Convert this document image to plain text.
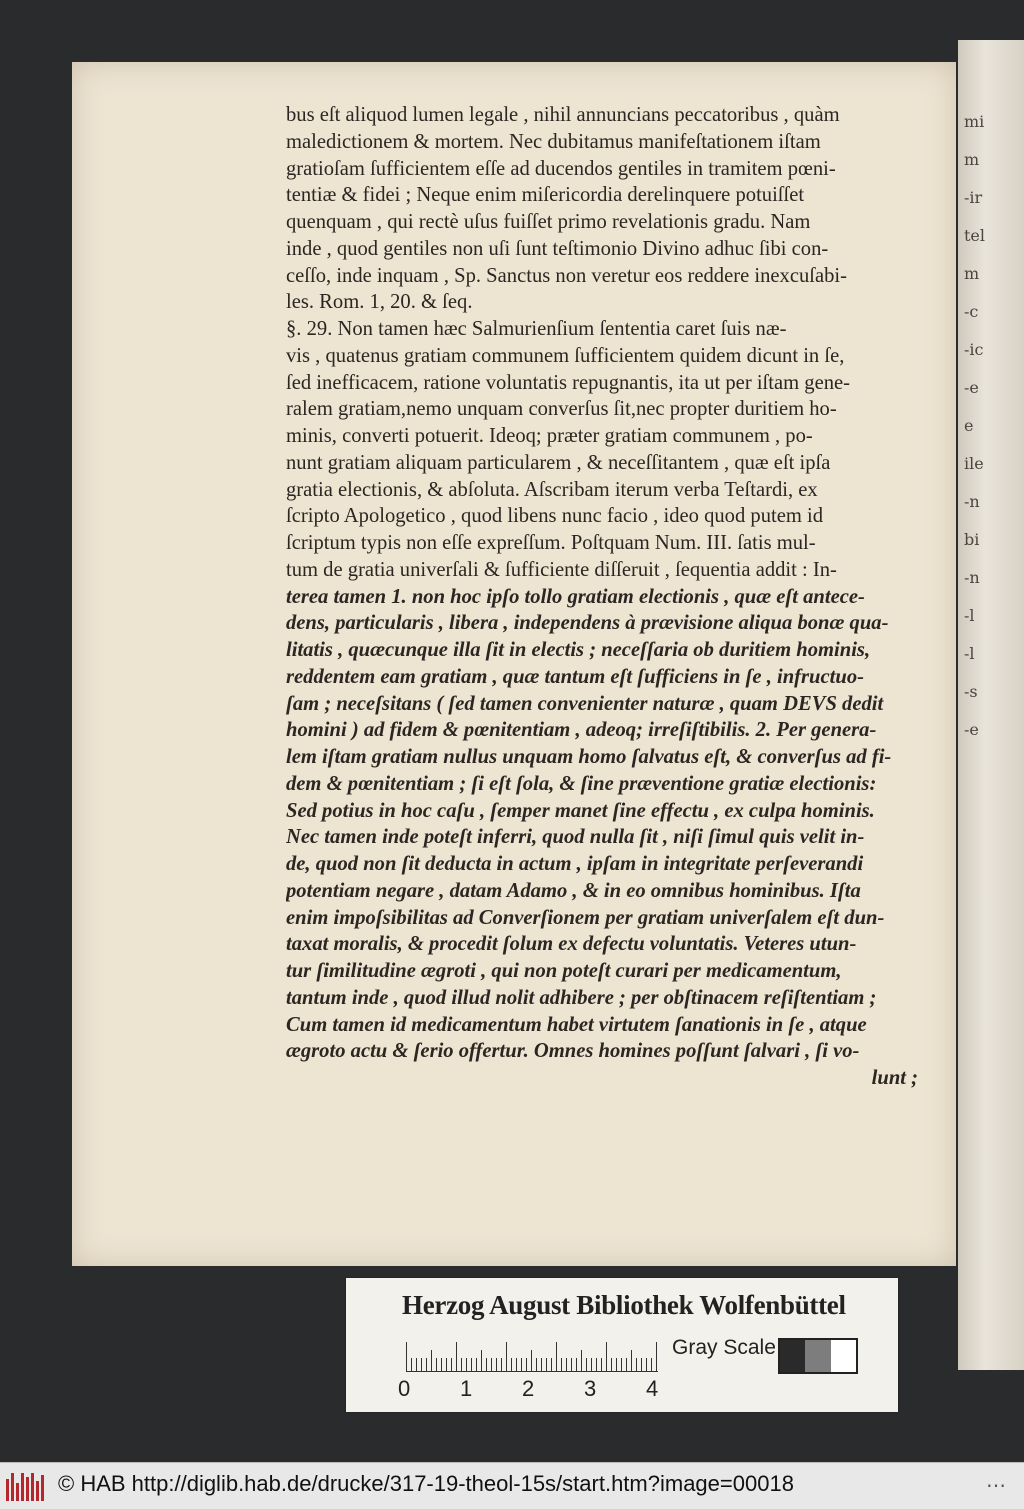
mi
m
-ir
tel
m
-c
-ic
-e
e
ile
-n
bi
-n
-l
-l
-s
-e
bus eſt aliquod lumen legale , nihil annuncians peccatoribus , quàm
maledictionem & mortem. Nec dubitamus manifeſtationem iſtam
gratioſam ſufficientem eſſe ad ducendos gentiles in tramitem pœni-
tentiæ & fidei ; Neque enim miſericordia derelinquere potuiſſet
quenquam , qui rectè uſus fuiſſet primo revelationis gradu. Nam
inde , quod gentiles non uſi ſunt teſtimonio Divino adhuc ſibi con-
ceſſo, inde inquam , Sp. Sanctus non veretur eos reddere inexcuſabi-
les. Rom. 1, 20. & ſeq.
§. 29. Non tamen hæc Salmurienſium ſententia caret ſuis næ-
vis , quatenus gratiam communem ſufficientem quidem dicunt in ſe,
ſed inefficacem, ratione voluntatis repugnantis, ita ut per iſtam gene-
ralem gratiam,nemo unquam converſus ſit,nec propter duritiem ho-
minis, converti potuerit. Ideoq; præter gratiam communem , po-
nunt gratiam aliquam particularem , & neceſſitantem , quæ eſt ipſa
gratia electionis, & abſoluta. Aſscribam iterum verba Teſtardi, ex
ſcripto Apologetico , quod libens nunc facio , ideo quod putem id
ſcriptum typis non eſſe expreſſum. Poſtquam Num. III. ſatis mul-
tum de gratia univerſali & ſufficiente diſſeruit , ſequentia addit : In-
terea tamen 1. non hoc ipſo tollo gratiam electionis , quæ eſt antece-
dens, particularis , libera , independens à prævisione aliqua bonæ qua-
litatis , quæcunque illa ſit in electis ; neceſſaria ob duritiem hominis,
reddentem eam gratiam , quæ tantum eſt ſufficiens in ſe , infructuo-
ſam ; neceſsitans ( ſed tamen convenienter naturæ , quam DEVS dedit
homini ) ad fidem & pœnitentiam , adeoq; irreſiſtibilis. 2. Per genera-
lem iſtam gratiam nullus unquam homo ſalvatus eſt, & converſus ad fi-
dem & pœnitentiam ; ſi eſt ſola, & ſine præventione gratiæ electionis:
Sed potius in hoc caſu , ſemper manet ſine effectu , ex culpa hominis.
Nec tamen inde poteſt inferri, quod nulla ſit , niſi ſimul quis velit in-
de, quod non ſit deducta in actum , ipſam in integritate perſeverandi
potentiam negare , datam Adamo , & in eo omnibus hominibus. Iſta
enim impoſsibilitas ad Converſionem per gratiam univerſalem eſt dun-
taxat moralis, & procedit ſolum ex defectu voluntatis. Veteres utun-
tur ſimilitudine ægroti , qui non poteſt curari per medicamentum,
tantum inde , quod illud nolit adhibere ; per obſtinacem reſiſtentiam ;
Cum tamen id medicamentum habet virtutem ſanationis in ſe , atque
ægroto actu & ſerio offertur. Omnes homines poſſunt ſalvari , ſi vo-
lunt ;
Herzog August Bibliothek Wolfenbüttel
0 1 2 3 4
Gray Scale
© HAB http://diglib.hab.de/drucke/317-19-theol-15s/start.htm?image=00018	⋯
